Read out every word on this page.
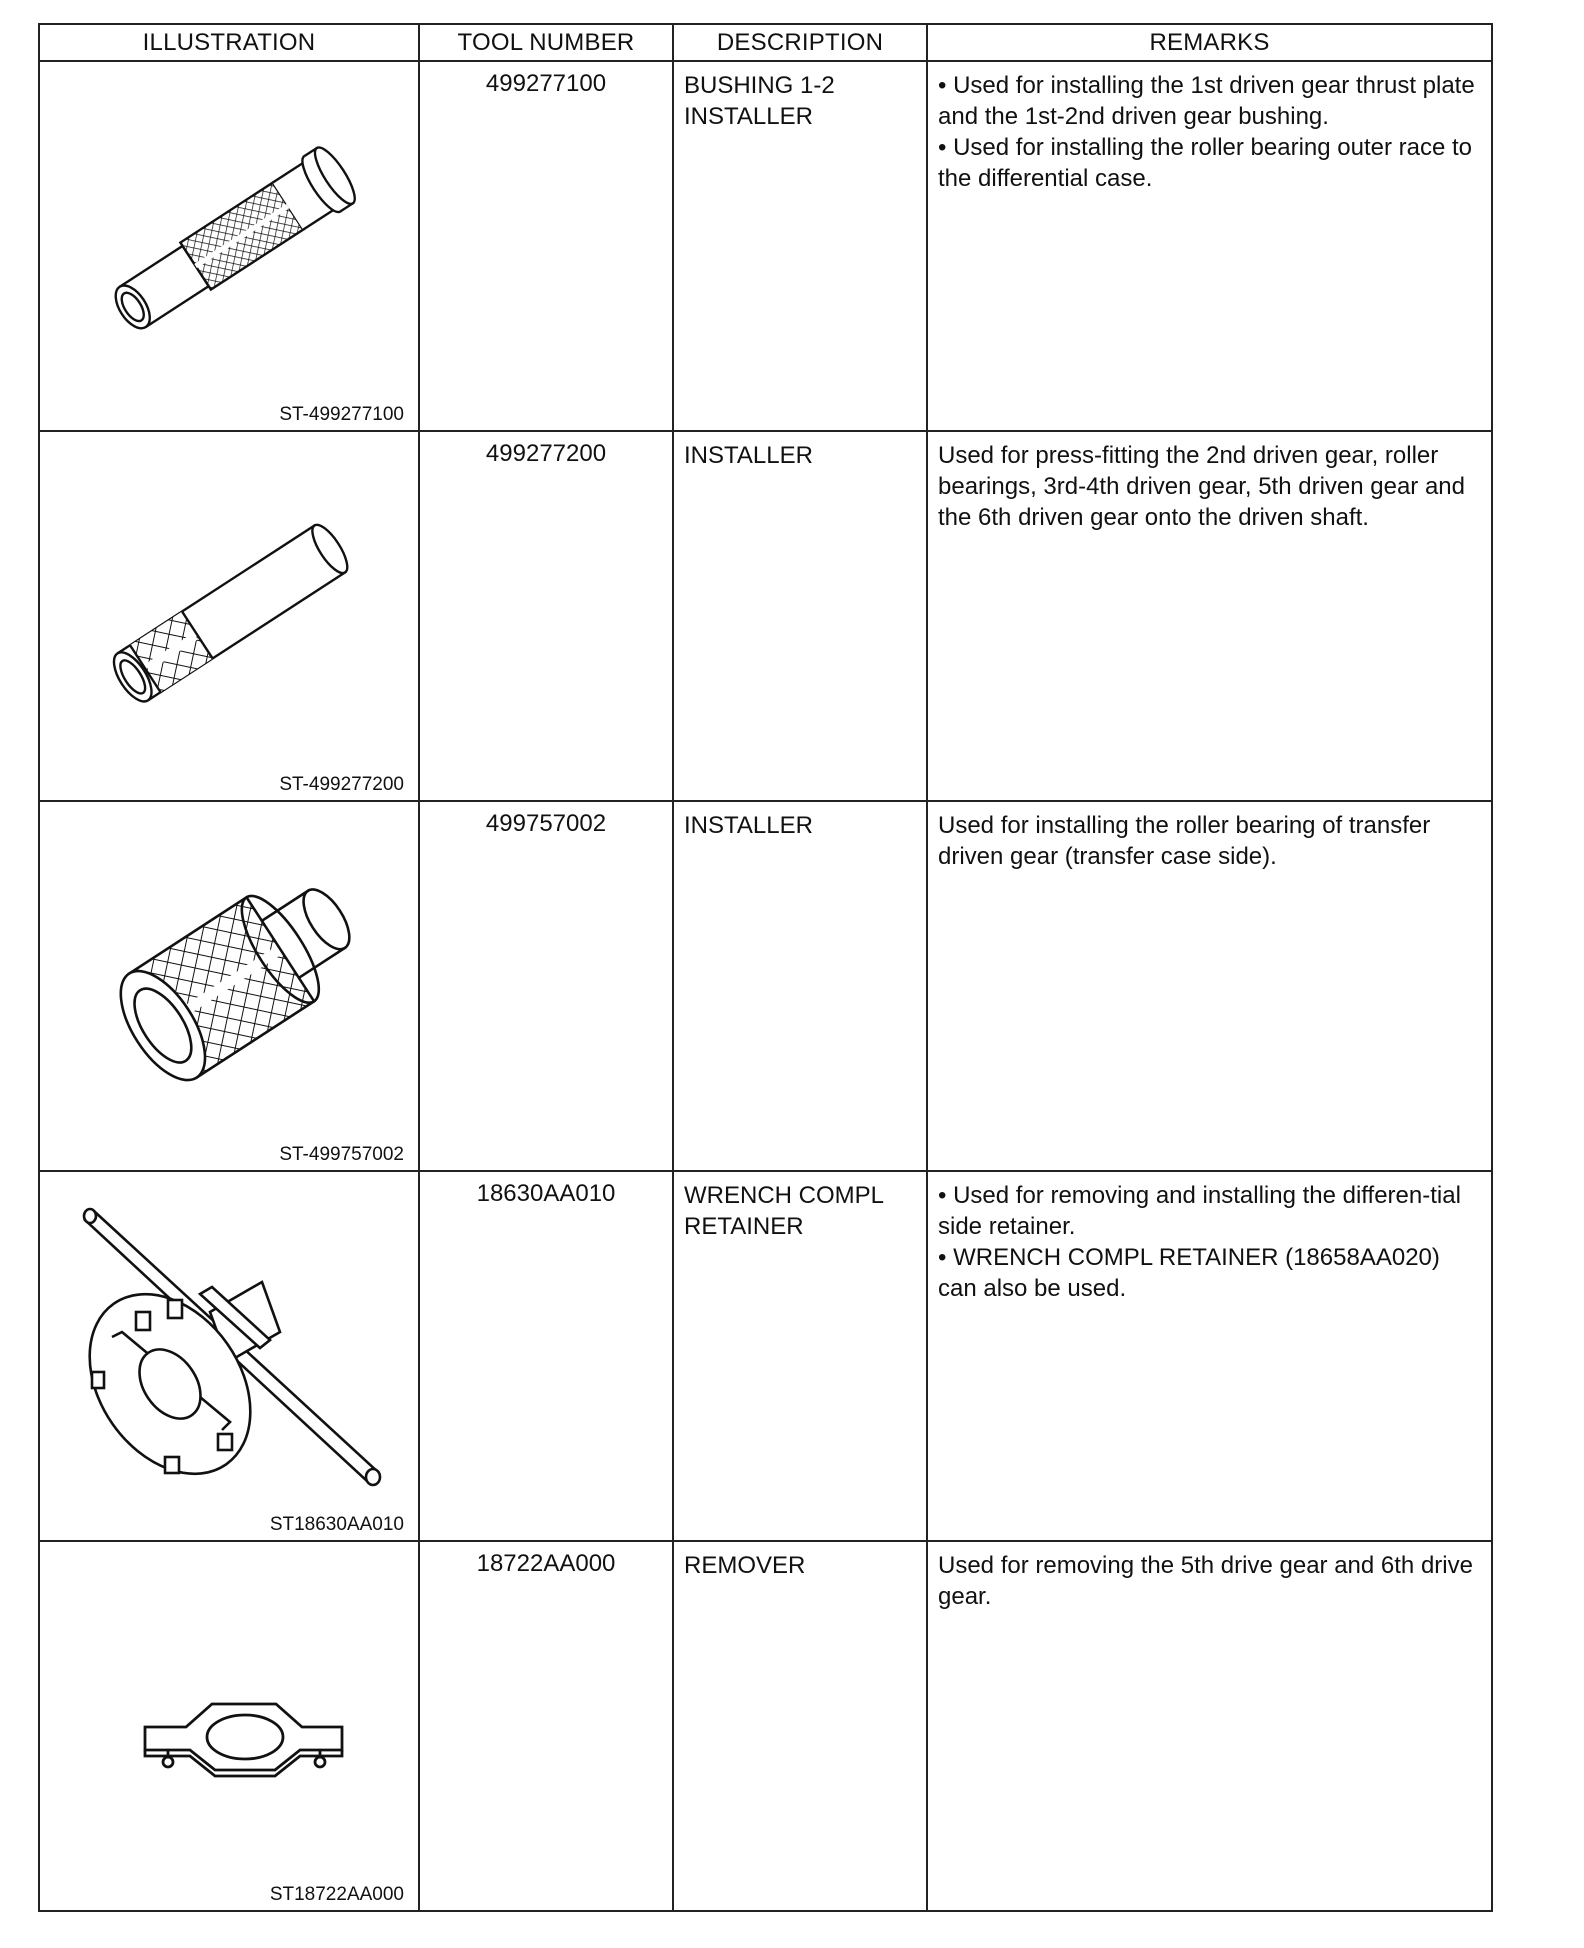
ILLUSTRATION	TOOL NUMBER	DESCRIPTION	REMARKS

ST-499277100	499277100	BUSHING 1-2 INSTALLER	• Used for installing the 1st driven gear thrust plate and the 1st-2nd driven gear bushing.
• Used for installing the roller bearing outer race to the differential case.

ST-499277200	499277200	INSTALLER	Used for press-fitting the 2nd driven gear, roller bearings, 3rd-4th driven gear, 5th driven gear and the 6th driven gear onto the driven shaft.

ST-499757002	499757002	INSTALLER	Used for installing the roller bearing of transfer driven gear (transfer case side).

ST18630AA010	18630AA010	WRENCH COMPL RETAINER	• Used for removing and installing the differen-tial side retainer.
• WRENCH COMPL RETAINER (18658AA020) can also be used.

ST18722AA000	18722AA000	REMOVER	Used for removing the 5th drive gear and 6th drive gear.
